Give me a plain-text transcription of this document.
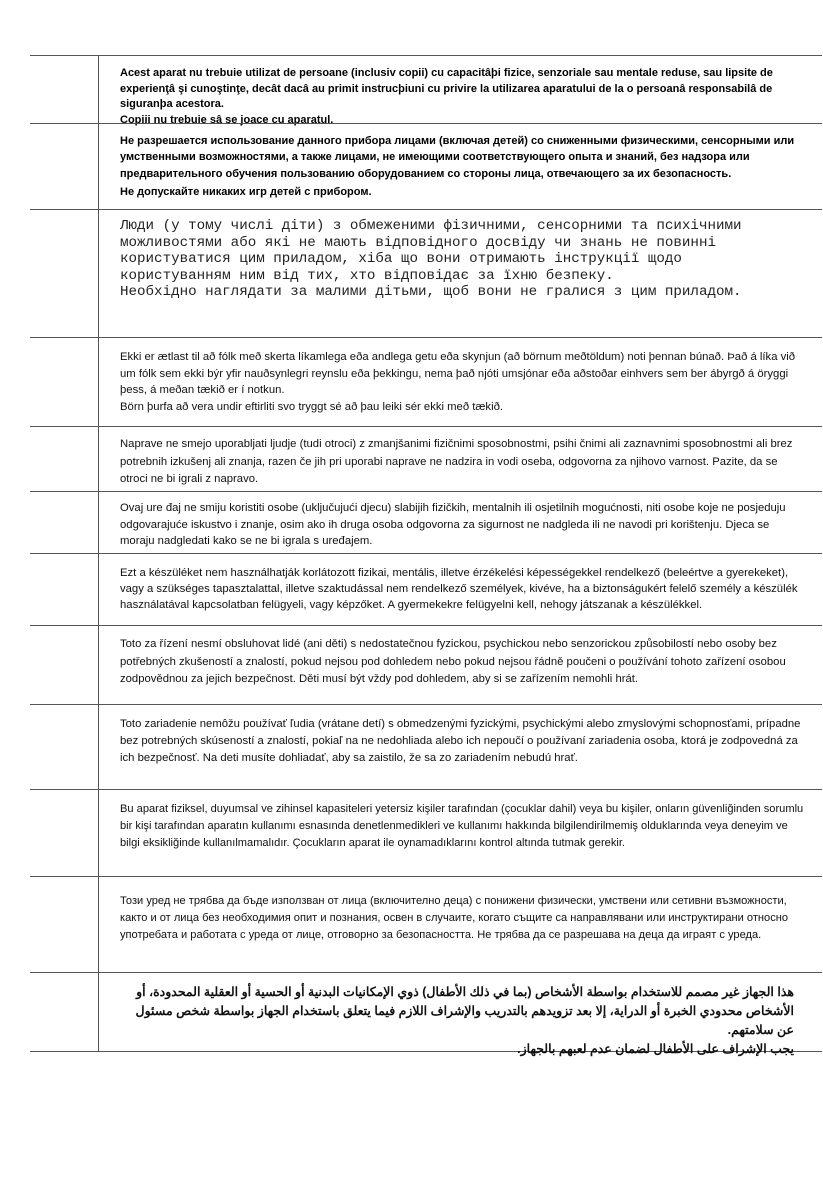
Acest aparat nu trebuie utilizat de persoane (inclusiv copii) cu capacitâþi fizice, senzoriale sau mentale reduse, sau lipsite de experienţâ şi cunoştinţe, decât dacâ au primit instrucþiuni cu privire la utilizarea aparatului de la o persoanâ responsabilâ de siguranþa acestora.

Copiii nu trebuie sâ se joace cu aparatul.

Не разрешается использование данного прибора лицами (включая детей) со сниженными физическими, сенсорными или умственными возможностями, а также лицами, не имеющими соответствующего опыта и знаний, без надзора или предварительного обучения пользованию оборудованием со стороны лица, отвечающего за их безопасность.

Не допускайте никаких игр детей с прибором.

Люди (у тому числі діти) з обмеженими фізичними, сенсорними та психічними можливостями або які не мають відповідного досвіду чи знань не повинні користуватися цим приладом, хіба що вони отримають інструкції щодо користуванням ним від тих, хто відповідає за їхню безпеку.

Необхідно наглядати за малими дітьми, щоб вони не гралися з цим приладом.

Ekki er ætlast til að fólk með skerta líkamlega eða andlega getu eða skynjun (að börnum meðtöldum) noti þennan búnað. Það á líka við um fólk sem ekki býr yfir nauðsynlegri reynslu eða þekkingu, nema það njóti umsjónar eða aðstoðar einhvers sem ber ábyrgð á öryggi þess, á meðan tækið er í notkun.

Börn þurfa að vera undir eftirliti svo tryggt sé að þau leiki sér ekki með tækið.

Naprave ne smejo uporabljati ljudje (tudi otroci) z zmanjšanimi fizičnimi sposobnostmi, psihi čnimi ali zaznavnimi sposobnostmi ali brez potrebnih izkušenj ali znanja, razen če jih pri uporabi naprave ne nadzira in vodi oseba, odgovorna za njihovo varnost. Pazite, da se otroci ne bi igrali z napravo.

Ovaj ure đaj ne smiju koristiti osobe (uključujući djecu) slabijih fizičkih, mentalnih ili osjetilnih mogućnosti, niti osobe koje ne posjeduju odgovarajuće iskustvo i znanje, osim ako ih druga osoba odgovorna za sigurnost ne nadgleda ili ne navodi pri korištenju. Djeca se moraju nadgledati kako se ne bi igrala s uređajem.

Ezt a készüléket nem használhatják korlátozott fizikai, mentális, illetve érzékelési képességekkel rendelkező (beleértve a gyerekeket), vagy a szükséges tapasztalattal, illetve szaktudással nem rendelkező személyek, kivéve, ha a biztonságukért felelő személy a készülék használatával kapcsolatban felügyeli, vagy képzőket. A gyermekekre felügyelni kell, nehogy játszanak a készülékkel.

Toto za řízení nesmí obsluhovat lidé (ani děti) s nedostatečnou fyzickou, psychickou nebo senzorickou způsobilostí nebo osoby bez potřebných zkušeností a znalostí, pokud nejsou pod dohledem nebo pokud nejsou řádně poučeni o používání tohoto zařízení osobou zodpovědnou za jejich bezpečnost. Děti musí být vždy pod dohledem, aby si se zařízením nemohli hrát.

Toto zariadenie nemôžu používať ľudia (vrátane detí) s obmedzenými fyzickými, psychickými alebo zmyslovými schopnosťami, prípadne bez potrebných skúseností a znalostí, pokiaľ na ne nedohliada alebo ich nepoučí o používaní zariadenia osoba, ktorá je zodpovedná za ich bezpečnosť. Na deti musíte dohliadať, aby sa zaistilo, že sa zo zariadením nebudú hrať.

Bu aparat fiziksel, duyumsal ve zihinsel kapasiteleri yetersiz kişiler tarafından (çocuklar dahil) veya bu kişiler, onların güvenliğinden sorumlu bir kişi tarafından aparatın kullanımı esnasında denetlenmedikleri ve kullanımı hakkında bilgilendirilmemiş olduklarında veya deneyim ve bilgi eksikliğinde kullanılmamalıdır. Çocukların aparat ile oynamadıklarını kontrol altında tutmak gerekir.

Този уред не трябва да бъде използван от лица (включително деца) с понижени физически, умствени или сетивни възможности, както и от лица без необходимия опит и познания, освен в случаите, когато същите са направлявани или инструктирани относно употребата и работата с уреда от лице, отговорно за безопасността. Не трябва да се разрешава на деца да играят с уреда.

هذا الجهاز غير مصمم للاستخدام بواسطة الأشخاص (بما في ذلك الأطفال) ذوي الإمكانيات البدنية أو الحسية أو العقلية المحدودة، أو الأشخاص محدودي الخبرة أو الدراية، إلا بعد تزويدهم بالتدريب والإشراف اللازم فيما يتعلق باستخدام الجهاز بواسطة شخص مسئول عن سلامتهم.

يجب الإشراف على الأطفال لضمان عدم لعبهم بالجهاز.
